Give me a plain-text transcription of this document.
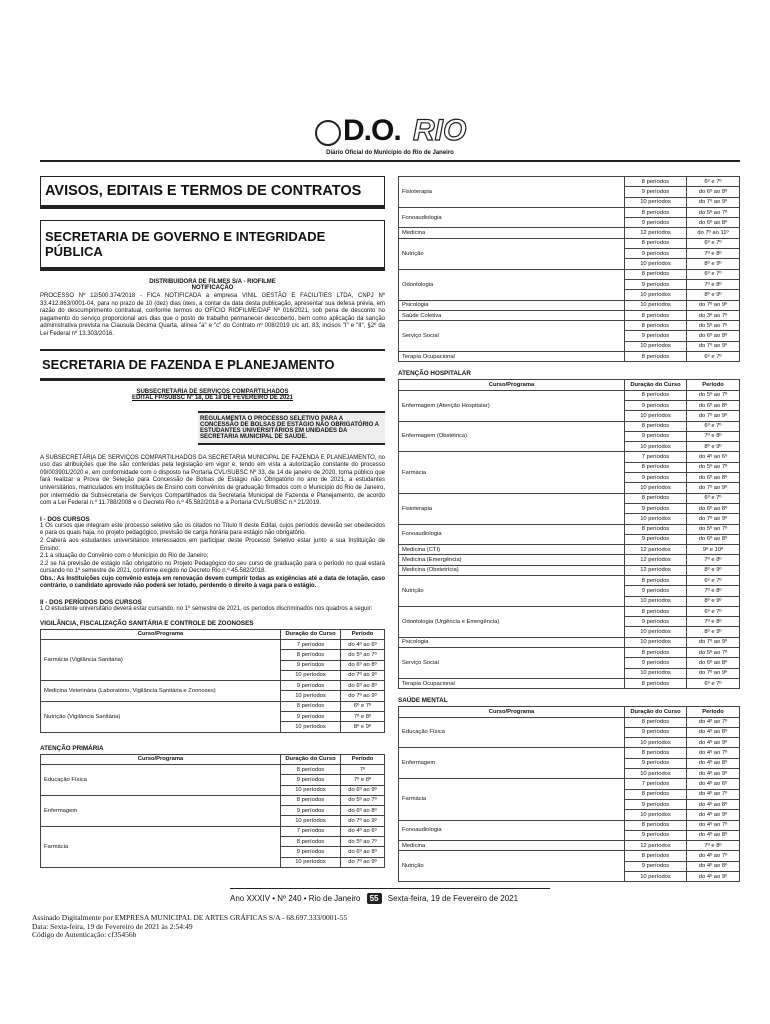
D.O. RIO
Diário Oficial do Município do Rio de Janeiro
AVISOS, EDITAIS E TERMOS DE CONTRATOS
SECRETARIA DE GOVERNO E INTEGRIDADE PÚBLICA
DISTRIBUIDORA DE FILMES S/A - RIOFILME
NOTIFICAÇÃO
PROCESSO Nº 12/500.374/2018 - FICA NOTIFICADA a empresa VINIL GESTÃO E FACILITIES LTDA, CNPJ Nº 33.412.863/0001-04, para no prazo de 10 (dez) dias úteis, a contar da data desta publicação, apresentar sua defesa prévia, em razão do descumprimento contratual, conforme termos do OFÍCIO RIOFILME/DAF Nº 016/2021, sob pena de desconto no pagamento do serviço proporcional aos dias que o posto de trabalho permanecer descoberto, bem como aplicação da sanção administrativa prevista na Cláusula Décima Quarta, alínea "a" e "c" do Contrato nº 008/2019 c/c art. 83, incisos "I" e "II", §2º da Lei Federal nº 13.303/2016.
SECRETARIA DE FAZENDA E PLANEJAMENTO
SUBSECRETARIA DE SERVIÇOS COMPARTILHADOS
EDITAL FP/SUBSC Nº 18, DE 18 DE FEVEREIRO DE 2021
REGULAMENTA O PROCESSO SELETIVO PARA A CONCESSÃO DE BOLSAS DE ESTÁGIO NÃO OBRIGATÓRIO A ESTUDANTES UNIVERSITÁRIOS EM UNIDADES DA SECRETARIA MUNICIPAL DE SAÚDE.
A SUBSECRETÁRIA DE SERVIÇOS COMPARTILHADOS DA SECRETARIA MUNICIPAL DE FAZENDA E PLANEJAMENTO, no uso das atribuições que lhe são conferidas pela legislação em vigor e, tendo em vista a autorização constante do processo 09/003901/2020 e, em conformidade com o disposto na Portaria CVL/SUBSC Nº 33, de 14 de janeiro de 2020, torna público que fará realizar a Prova de Seleção para Concessão de Bolsas de Estágio não Obrigatório no ano de 2021, a estudantes universitários, matriculados em Instituições de Ensino com convênios de graduação firmados com o Município do Rio de Janeiro, por intermédio da Subsecretaria de Serviços Compartilhados da Secretaria Municipal de Fazenda e Planejamento, de acordo com a Lei Federal n.º 11.788/2008 e o Decreto Rio n.º 45.582/2018 e a Portaria CVL/SUBSC n.º 21/2019.
I - DOS CURSOS
1 Os cursos que integram este processo seletivo são os citados no Título II deste Edital, cujos períodos deverão ser obedecidos e para os quais haja, no projeto pedagógico, previsão de carga horária para estágio não obrigatório.
2 Caberá aos estudantes universitários interessados em participar deste Processo Seletivo estar junto a sua Instituição de Ensino:
2.1 a situação do Convênio com o Município do Rio de Janeiro;
2.2 se há previsão de estágio não obrigatório no Projeto Pedagógico do seu curso de graduação para o período no qual estará cursando no 1º semestre de 2021, conforme exigido no Decreto Rio n.º 45.582/2018.
Obs.: As Instituições cujo convênio esteja em renovação devem cumprir todas as exigências até a data de lotação, caso contrário, o candidato aprovado não poderá ser lotado, perdendo o direito à vaga para o estágio.
II - DOS PERÍODOS DOS CURSOS
1 O estudante universitário deverá estar cursando, no 1º semestre de 2021, os períodos discriminados nos quadros a seguir:
VIGILÂNCIA, FISCALIZAÇÃO SANITÁRIA E CONTROLE DE ZOONOSES
Curso/Programa	Duração do Curso	Período
Farmácia (Vigilância Sanitária)	7 períodos	do 4º ao 6º
	8 períodos	do 5º ao 7º
	9 períodos	do 6º ao 8º
	10 períodos	do 7º ao 9º
Medicina Veterinária (Laboratório, Vigilância Sanitária e Zoonoses)	9 períodos	do 6º ao 8º
	10 períodos	do 7º ao 9º
Nutrição (Vigilância Sanitária)	8 períodos	6º e 7º
	9 períodos	7º e 8º
	10 períodos	8º e 9º
ATENÇÃO PRIMÁRIA
Curso/Programa	Duração do Curso	Período
Educação Física	8 períodos	7º
	9 períodos	7º e 8º
	10 períodos	do 6º ao 9º
Enfermagem	8 períodos	do 5º ao 7º
	9 períodos	do 6º ao 8º
	10 períodos	do 7º ao 9º
Farmácia	7 períodos	do 4º ao 6º
	8 períodos	do 5º ao 7º
	9 períodos	do 6º ao 8º
	10 períodos	do 7º ao 9º
Fisioterapia	8 períodos	6º e 7º
	9 períodos	do 6º ao 8º
	10 períodos	do 7º ao 9º
Fonoaudiologia	8 períodos	do 5º ao 7º
	9 períodos	do 6º ao 8º
Medicina	12 períodos	do 7º ao 11º
Nutrição	8 períodos	6º e 7º
	9 períodos	7º e 8º
	10 períodos	8º e 9º
Odontologia	8 períodos	6º e 7º
	9 períodos	7º e 8º
	10 períodos	8º e 9º
Psicologia	10 períodos	do 7º ao 9º
Saúde Coletiva	8 períodos	do 3º ao 7º
Serviço Social	8 períodos	do 5º ao 7º
	9 períodos	do 6º ao 8º
	10 períodos	do 7º ao 9º
Terapia Ocupacional	8 períodos	6º e 7º
ATENÇÃO HOSPITALAR
Curso/Programa	Duração do Curso	Período
Enfermagem (Atenção Hospitalar)	8 períodos	do 5º ao 7º
	9 períodos	do 6º ao 8º
	10 períodos	do 7º ao 9º
Enfermagem (Obstétrica)	8 períodos	6º e 7º
	9 períodos	7º e 8º
	10 períodos	8º e 9º
Farmácia	7 períodos	do 4º ao 6º
	8 períodos	do 5º ao 7º
	9 períodos	do 6º ao 8º
	10 períodos	do 7º ao 9º
Fisioterapia	8 períodos	6º e 7º
	9 períodos	do 6º ao 8º
	10 períodos	do 7º ao 9º
Fonoaudiologia	8 períodos	do 5º ao 7º
	9 períodos	do 6º ao 8º
Medicina (CTI)	12 períodos	9º e 10º
Medicina (Emergência)	12 períodos	7º e 8º
Medicina (Obstetrícia)	12 períodos	8º e 9º
Nutrição	8 períodos	6º e 7º
	9 períodos	7º e 8º
	10 períodos	8º e 9º
Odontologia (Urgência e Emergência)	8 períodos	6º e 7º
	9 períodos	7º e 8º
	10 períodos	8º e 9º
Psicologia	10 períodos	do 7º ao 9º
Serviço Social	8 períodos	do 5º ao 7º
	9 períodos	do 6º ao 8º
	10 períodos	do 7º ao 9º
Terapia Ocupacional	8 períodos	6º e 7º
SAÚDE MENTAL
Curso/Programa	Duração do Curso	Período
Educação Física	8 períodos	do 4º ao 7º
	9 períodos	do 4º ao 8º
	10 períodos	do 4º ao 9º
Enfermagem	8 períodos	do 4º ao 7º
	9 períodos	do 4º ao 8º
	10 períodos	do 4º ao 9º
Farmácia	7 períodos	do 4º ao 6º
	8 períodos	do 4º ao 7º
	9 períodos	do 4º ao 8º
	10 períodos	do 4º ao 9º
Fonoaudiologia	8 períodos	do 4º ao 7º
	9 períodos	do 4º ao 8º
Medicina	12 períodos	7º e 8º
Nutrição	8 períodos	do 4º ao 7º
	9 períodos	do 4º ao 8º
	10 períodos	do 4º ao 9º
Ano XXXIV • Nº 240 • Rio de Janeiro 55 Sexta-feira, 19 de Fevereiro de 2021
Assinado Digitalmente por EMPRESA MUNICIPAL DE ARTES GRÁFICAS S/A - 68.697.333/0001-55
Data: Sexta-feira, 19 de Fevereiro de 2021 às 2:54:49
Código de Autenticação: cf35456b
